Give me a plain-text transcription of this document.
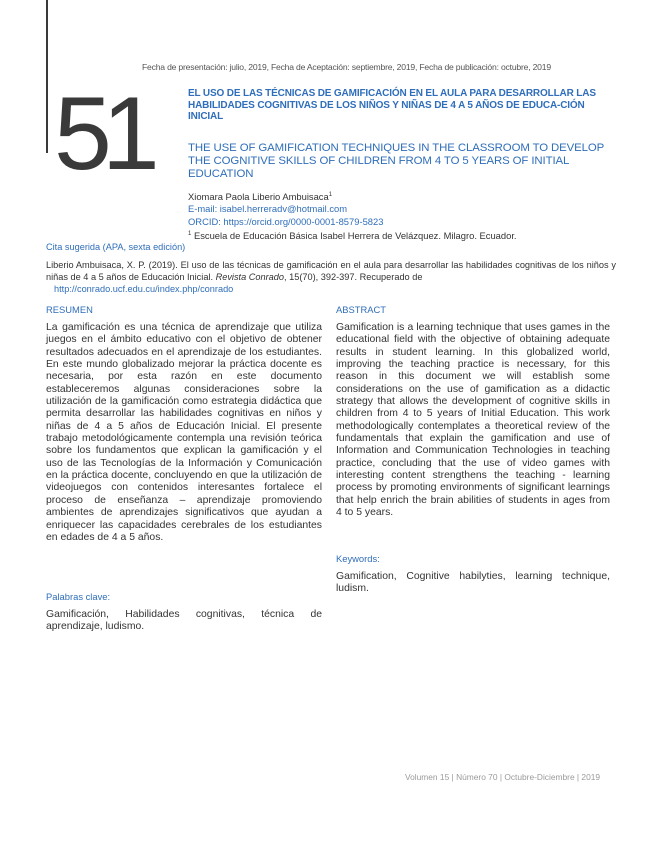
Fecha de presentación: julio, 2019, Fecha de Aceptación: septiembre, 2019, Fecha de publicación: octubre, 2019
51	EL USO DE LAS TÉCNICAS DE GAMIFICACIÓN EN EL AULA PARA DESARROLLAR LAS HABILIDADES COGNITIVAS DE LOS NIÑOS Y NIÑAS DE 4 A 5 AÑOS DE EDUCA-CIÓN INICIAL
THE USE OF GAMIFICATION TECHNIQUES IN THE CLASSROOM TO DEVELOP THE COGNITIVE SKILLS OF CHILDREN FROM 4 TO 5 YEARS OF INITIAL EDUCATION
Xiomara Paola Liberio Ambuisaca$^1$
E-mail: isabel.herreradv@hotmail.com
ORCID: https://orcid.org/0000-0001-8579-5823
$^1$ Escuela de Educación Básica Isabel Herrera de Velázquez. Milagro. Ecuador.
Cita sugerida (APA, sexta edición)
Liberio Ambuisaca, X. P. (2019). El uso de las técnicas de gamificación en el aula para desarrollar las habilidades cognitivas de los niños y niñas de 4 a 5 años de Educación Inicial. Revista Conrado, 15(70), 392-397. Recuperado de
http://conrado.ucf.edu.cu/index.php/conrado
RESUMEN
La gamificación es una técnica de aprendizaje que utiliza juegos en el ámbito educativo con el objetivo de obtener resultados adecuados en el aprendizaje de los estudiantes. En este mundo globalizado mejorar la práctica docente es necesaria, por esta razón en este documento estableceremos algunas consideraciones sobre la utilización de la gamificación como estrategia didáctica que permita desarrollar las habilidades cognitivas en niños y niñas de 4 a 5 años de Educación Inicial. El presente trabajo metodológicamente contempla una revisión teórica sobre los fundamentos que explican la gamificación y el uso de las Tecnologías de la Información y Comunicación en la práctica docente, concluyendo en que la utilización de videojuegos con contenidos interesantes fortalece el proceso de enseñanza – aprendizaje promoviendo ambientes de aprendizajes significativos que ayudan a enriquecer las capacidades cerebrales de los estudiantes en edades de 4 a 5 años.
Palabras clave:
Gamificación, Habilidades cognitivas, técnica de aprendizaje, ludismo.
ABSTRACT
Gamification is a learning technique that uses games in the educational field with the objective of obtaining adequate results in student learning. In this globalized world, improving the teaching practice is necessary, for this reason in this document we will establish some considerations on the use of gamification as a didactic strategy that allows the development of cognitive skills in children from 4 to 5 years of Initial Education. This work methodologically contemplates a theoretical review of the fundamentals that explain the gamification and use of Information and Communication Technologies in teaching practice, concluding that the use of video games with interesting content strengthens the teaching - learning process by promoting environments of significant learnings that help enrich the brain abilities of students in ages from 4 to 5 years.
Keywords:
Gamification, Cognitive habilyties, learning technique, ludism.
Volumen 15 | Número 70 | Octubre-Diciembre | 2019
